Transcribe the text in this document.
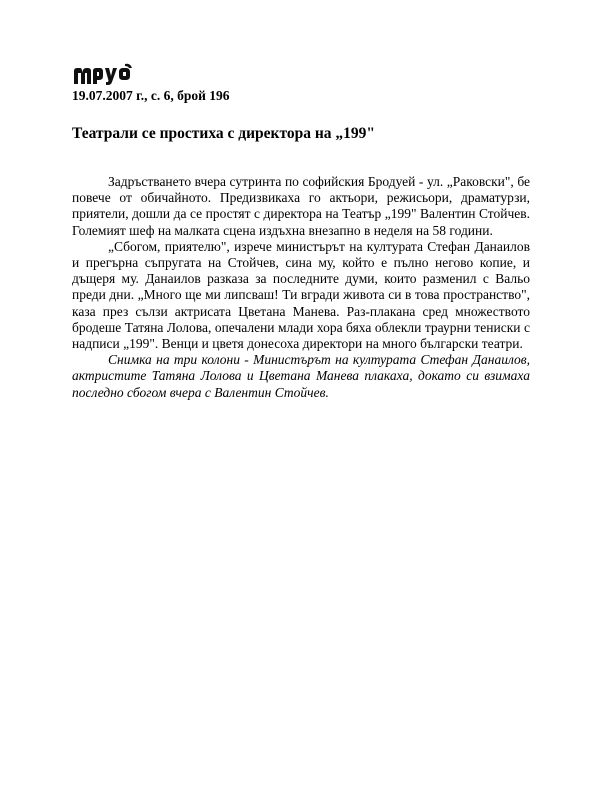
19.07.2007 г., с. 6, брой 196

Театрали се простиха с директора на „199"

Задръстването вчера сутринта по софийския Бродуей - ул. „Раковски", бе повече от обичайното. Предизвикаха го актьори, режисьори, драматурзи, приятели, дошли да се простят с директора на Театър „199" Валентин Стойчев. Големият шеф на малката сцена издъхна внезапно в неделя на 58 години.

„Сбогом, приятелю", изрече министърът на културата Стефан Данаилов и прегърна съпругата на Стойчев, сина му, който е пълно негово копие, и дъщеря му. Данаилов разказа за последните думи, които разменил с Вальо преди дни. „Много ще ми липсваш! Ти вгради живота си в това пространство", каза през сълзи актрисата Цветана Манева. Раз-плакана сред множеството бродеше Татяна Лолова, опечалени млади хора бяха облекли траурни тениски с надписи „199". Венци и цветя донесоха директори на много български театри.

Снимка на три колони - Министърът на културата Стефан Данаилов, актристите Татяна Лолова и Цветана Манева плакаха, докато си взимаха последно сбогом вчера с Валентин Стойчев.
